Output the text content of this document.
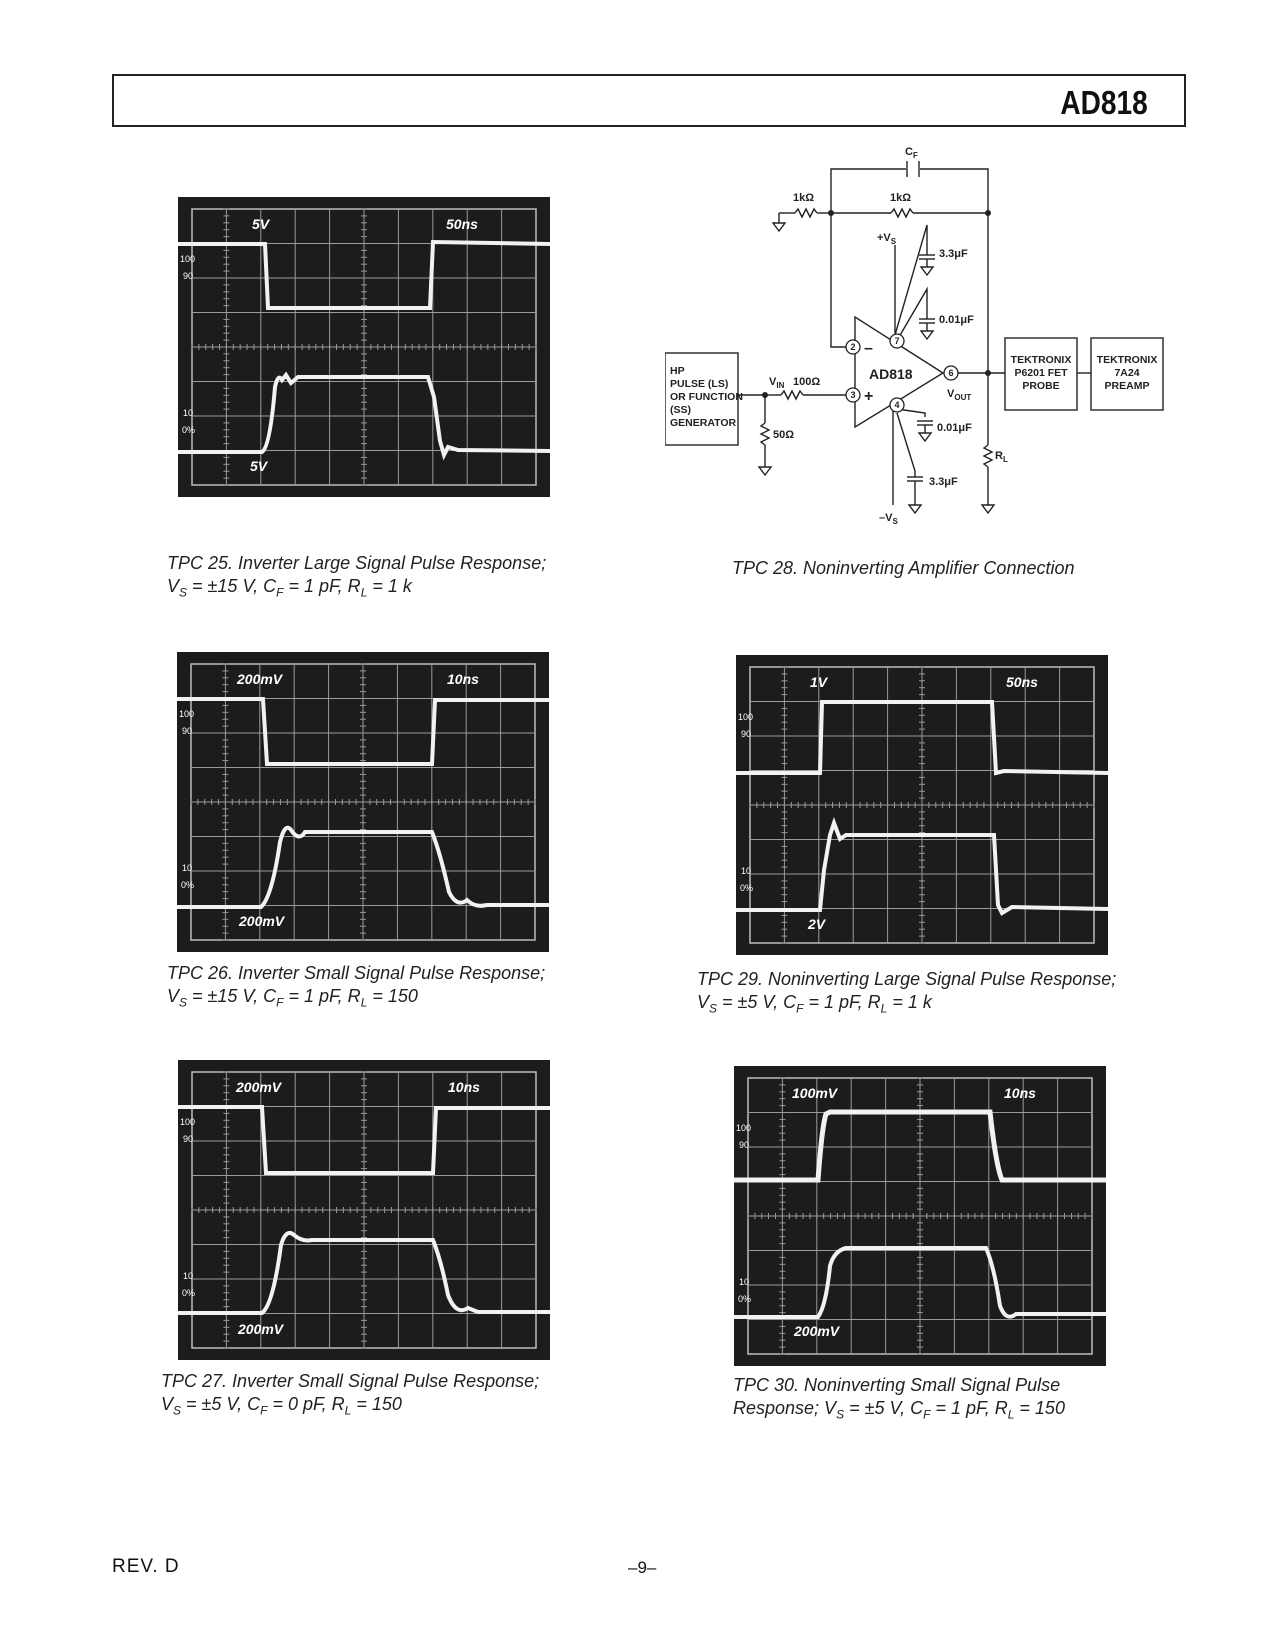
AD818
5V	50ns
5V
100
90
10
0%
TPC 25. Inverter Large Signal Pulse Response;
$V_S = \pm 15$ V, $C_F = 1$ pF, $R_L = 1$ k
200mV	10ns
200mV
100
90
10
0%
TPC 26. Inverter Small Signal Pulse Response;
$V_S = \pm 15$ V, $C_F = 1$ pF, $R_L = 150$
200mV	10ns
200mV
100
90
10
0%
TPC 27. Inverter Small Signal Pulse Response;
$V_S = \pm 5$ V, $C_F = 0$ pF, $R_L = 150$
1V	50ns
2V
100
90
10
0%
TPC 29. Noninverting Large Signal Pulse Response;
$V_S = \pm 5$ V, $C_F = 1$ pF, $R_L = 1$ k
100mV	10ns
200mV
100
90
10
0%
TPC 30. Noninverting Small Signal Pulse
Response; $V_S = \pm 5$ V, $C_F = 1$ pF, $R_L = 150$
2
3
7
4
6
$C_F$
1kΩ	1kΩ
$+V_S$
3.3μF
0.01μF
0.01μF
3.3μF
$-V_S$
AD818
–
+	$V_{OUT}$
$V_{IN}$ 100Ω
50Ω
$R_L$
HP
PULSE (LS)
OR FUNCTION
(SS)
GENERATOR
TEKTRONIX
P6201 FET
PROBE
TEKTRONIX
7A24
PREAMP
TPC 28. Noninverting Amplifier Connection
REV. D	–9–
